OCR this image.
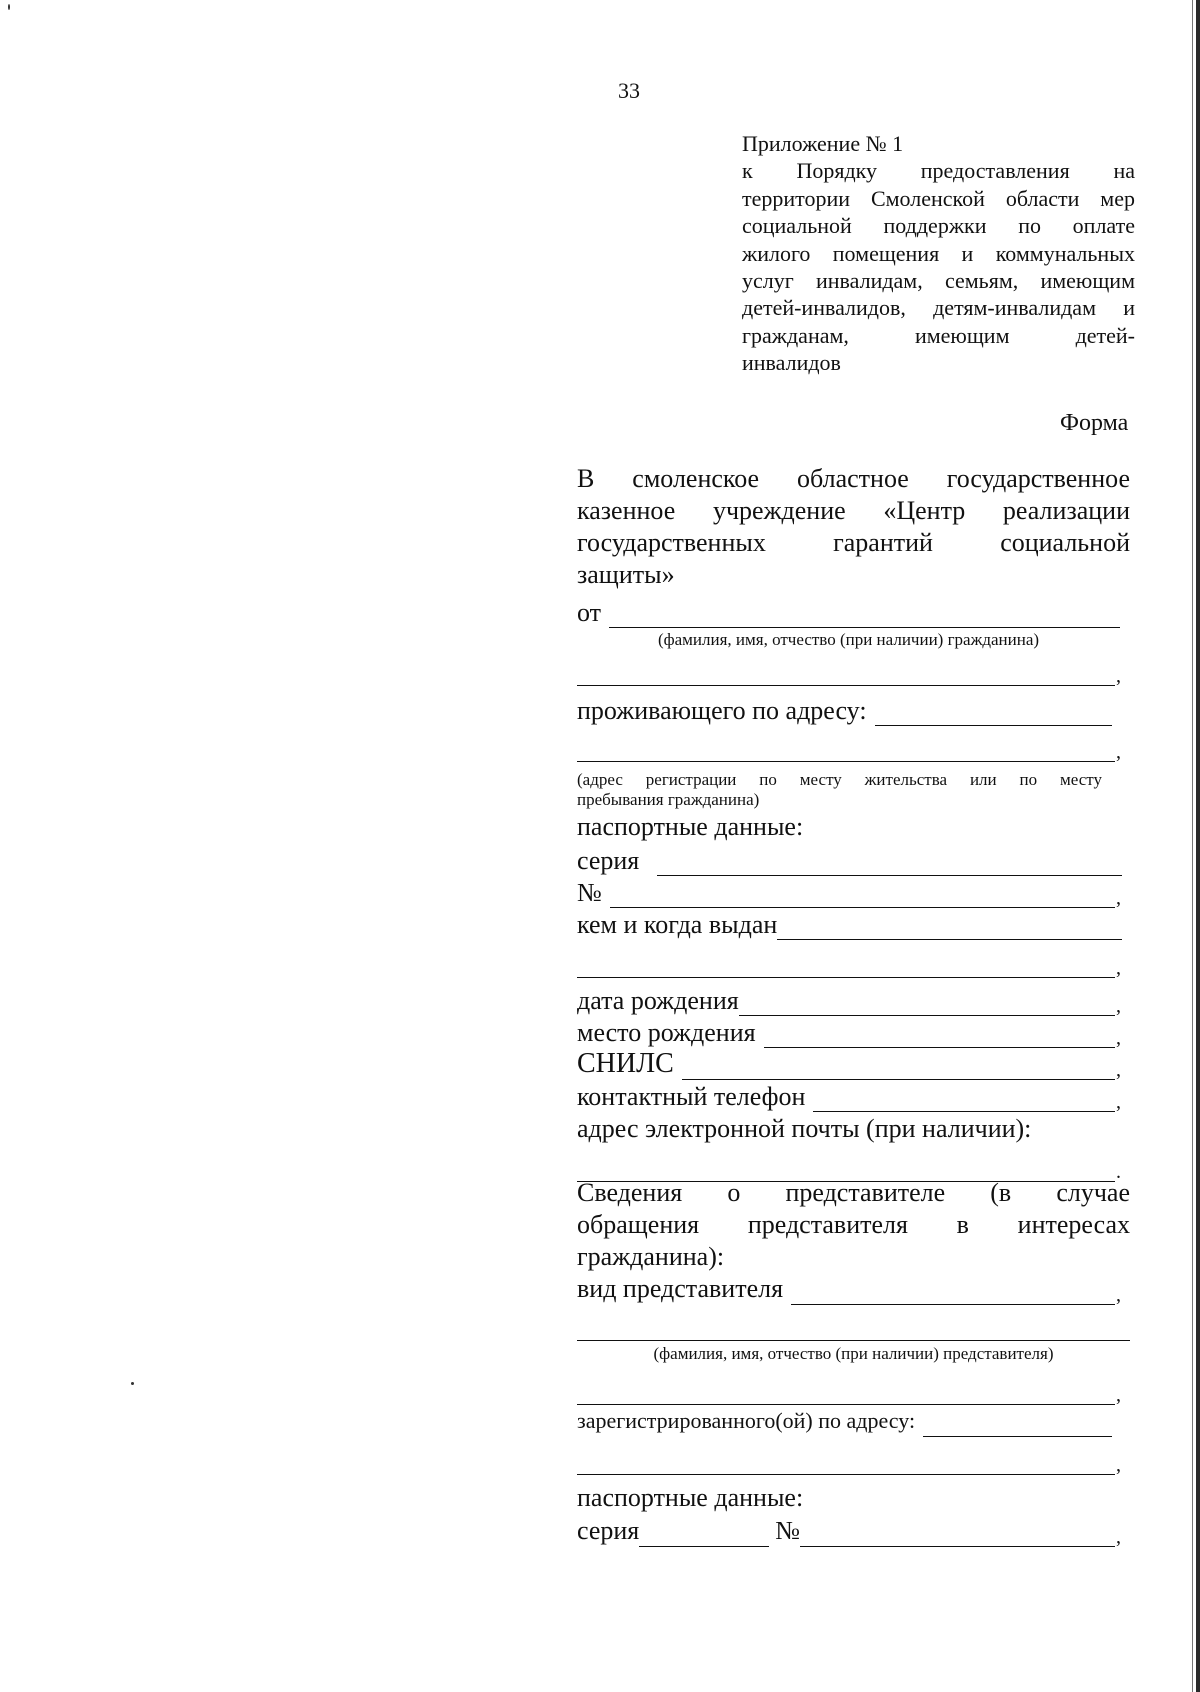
33
Приложение № 1
к Порядку предоставления на
территории Смоленской области мер
социальной поддержки по оплате
жилого помещения и коммунальных
услуг инвалидам, семьям, имеющим
детей-инвалидов, детям-инвалидам и
гражданам, имеющим детей-
инвалидов
Форма
В смоленское областное государственное
казенное учреждение «Центр реализации
государственных гарантий социальной
защиты»
от
(фамилия, имя, отчество (при наличии) гражданина)
,
проживающего по адресу:
,
(адрес регистрации по месту жительства или по месту
пребывания гражданина)
паспортные данные:
серия
№	,
кем и когда выдан
,
дата рождения	,
место рождения	,
СНИЛС	,
контактный телефон	,
адрес электронной почты (при наличии):
.
Сведения о представителе (в случае
обращения представителя в интересах
гражданина):
вид представителя	,
(фамилия, имя, отчество (при наличии) представителя)
,
зарегистрированного(ой) по адресу:
,
паспортные данные:
серия	№	,
